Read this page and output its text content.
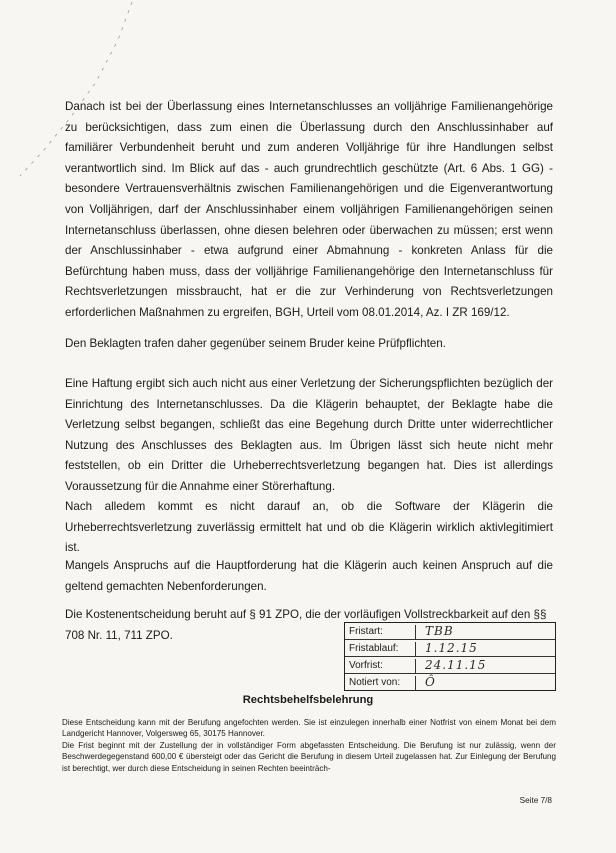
Danach ist bei der Überlassung eines Internetanschlusses an volljährige Familienangehörige zu berücksichtigen, dass zum einen die Überlassung durch den Anschlussinhaber auf familiärer Verbundenheit beruht und zum anderen Volljährige für ihre Handlungen selbst verantwortlich sind. Im Blick auf das - auch grundrechtlich geschützte (Art. 6 Abs. 1 GG) - besondere Vertrauensverhältnis zwischen Familienangehörigen und die Eigenverantwortung von Volljährigen, darf der Anschlussinhaber einem volljährigen Familienangehörigen seinen Internetanschluss überlassen, ohne diesen belehren oder überwachen zu müssen; erst wenn der Anschlussinhaber - etwa aufgrund einer Abmahnung - konkreten Anlass für die Befürchtung haben muss, dass der volljährige Familienangehörige den Internetanschluss für Rechtsverletzungen missbraucht, hat er die zur Verhinderung von Rechtsverletzungen erforderlichen Maßnahmen zu ergreifen, BGH, Urteil vom 08.01.2014, Az. I ZR 169/12.

Den Beklagten trafen daher gegenüber seinem Bruder keine Prüfpflichten.

Eine Haftung ergibt sich auch nicht aus einer Verletzung der Sicherungspflichten bezüglich der Einrichtung des Internetanschlusses. Da die Klägerin behauptet, der Beklagte habe die Verletzung selbst begangen, schließt das eine Begehung durch Dritte unter widerrechtlicher Nutzung des Anschlusses des Beklagten aus. Im Übrigen lässt sich heute nicht mehr feststellen, ob ein Dritter die Urheberrechtsverletzung begangen hat. Dies ist allerdings Voraussetzung für die Annahme einer Störerhaftung.

Nach alledem kommt es nicht darauf an, ob die Software der Klägerin die Urheberrechtsverletzung zuverlässig ermittelt hat und ob die Klägerin wirklich aktivlegitimiert ist.

Mangels Anspruchs auf die Hauptforderung hat die Klägerin auch keinen Anspruch auf die geltend gemachten Nebenforderungen.

Die Kostenentscheidung beruht auf § 91 ZPO, die der vorläufigen Vollstreckbarkeit auf den §§
708 Nr. 11, 711 ZPO.	Fristart:	TBB
Fristablauf:	1.12.15
Vorfrist:	24.11.15
Notiert von:	Ô
Rechtsbehelfsbelehrung

Diese Entscheidung kann mit der Berufung angefochten werden. Sie ist einzulegen innerhalb einer Notfrist von einem Monat bei dem Landgericht Hannover, Volgersweg 65, 30175 Hannover.

Die Frist beginnt mit der Zustellung der in vollständiger Form abgefassten Entscheidung. Die Berufung ist nur zulässig, wenn der Beschwerdegegenstand 600,00 € übersteigt oder das Gericht die Berufung in diesem Urteil zugelassen hat. Zur Einlegung der Berufung ist berechtigt, wer durch diese Entscheidung in seinen Rechten beeinträch-

Seite 7/8
